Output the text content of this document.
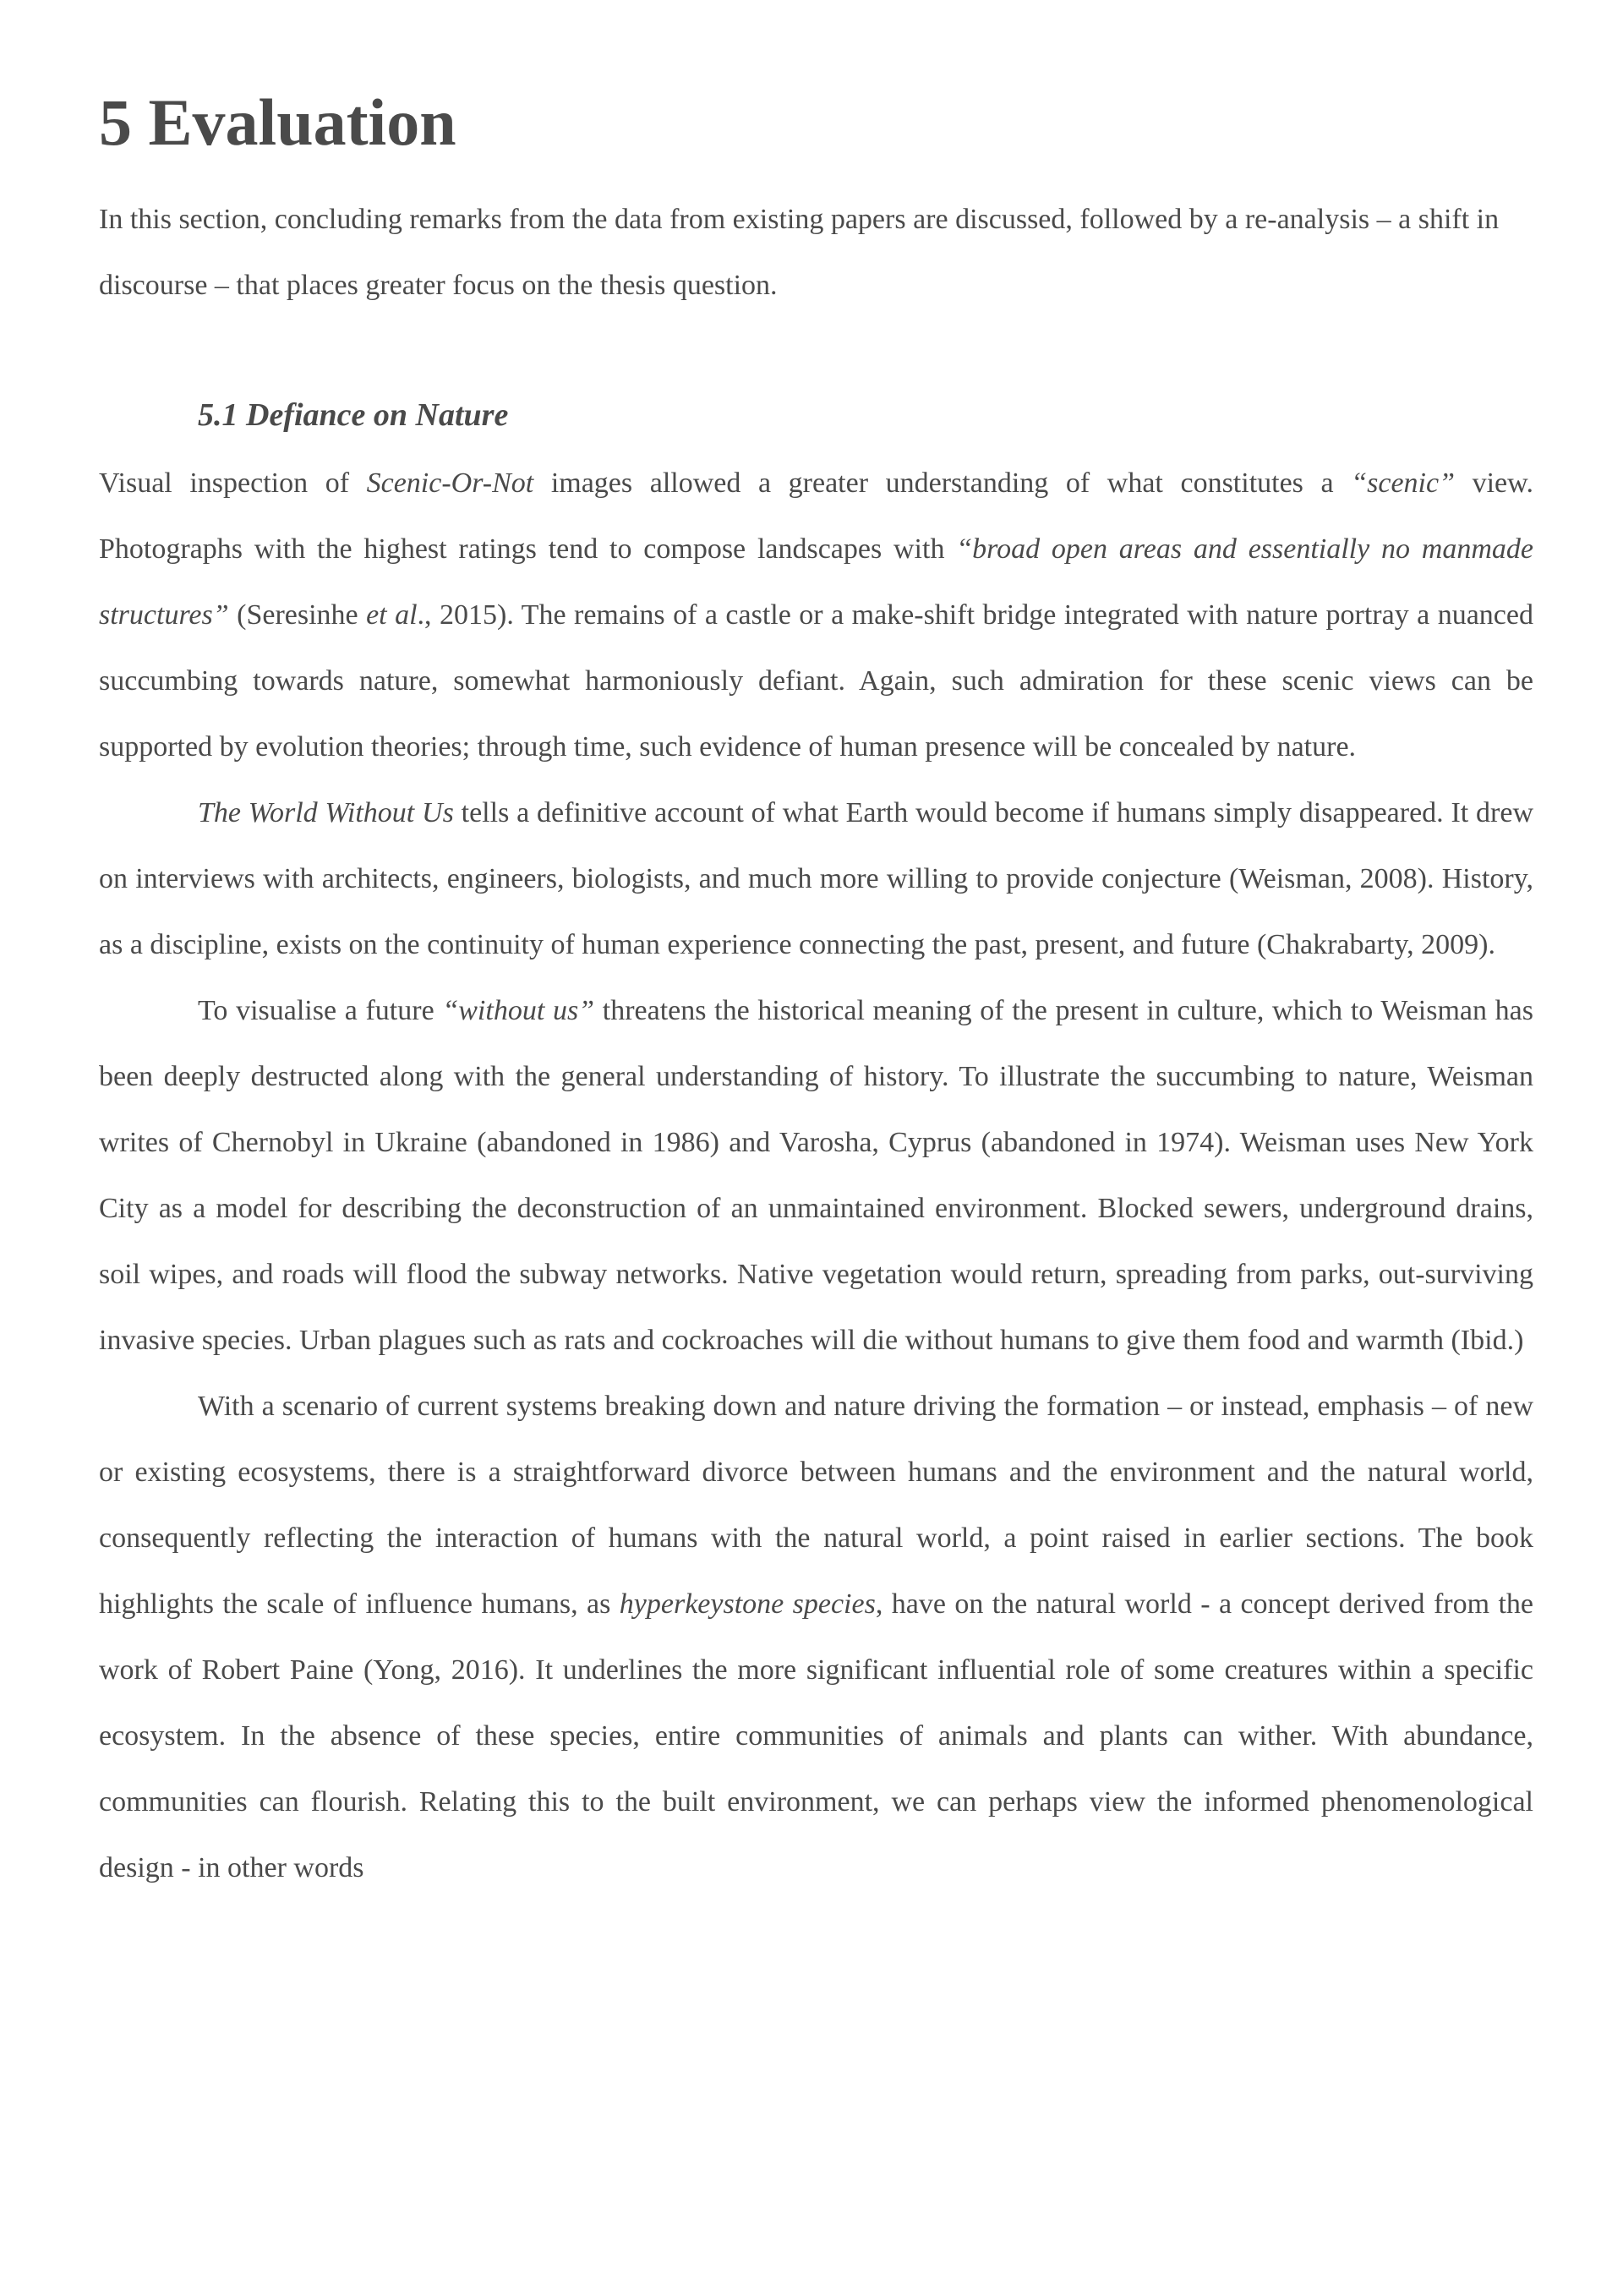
5 Evaluation

In this section, concluding remarks from the data from existing papers are discussed, followed by a re-analysis – a shift in discourse – that places greater focus on the thesis question.

5.1 Defiance on Nature

Visual inspection of Scenic-Or-Not images allowed a greater understanding of what constitutes a “scenic” view. Photographs with the highest ratings tend to compose landscapes with “broad open areas and essentially no manmade structures” (Seresinhe et al., 2015). The remains of a castle or a make-shift bridge integrated with nature portray a nuanced succumbing towards nature, somewhat harmoniously defiant. Again, such admiration for these scenic views can be supported by evolution theories; through time, such evidence of human presence will be concealed by nature.

The World Without Us tells a definitive account of what Earth would become if humans simply disappeared. It drew on interviews with architects, engineers, biologists, and much more willing to provide conjecture (Weisman, 2008). History, as a discipline, exists on the continuity of human experience connecting the past, present, and future (Chakrabarty, 2009).

To visualise a future “without us” threatens the historical meaning of the present in culture, which to Weisman has been deeply destructed along with the general understanding of history. To illustrate the succumbing to nature, Weisman writes of Chernobyl in Ukraine (abandoned in 1986) and Varosha, Cyprus (abandoned in 1974). Weisman uses New York City as a model for describing the deconstruction of an unmaintained environment. Blocked sewers, underground drains, soil wipes, and roads will flood the subway networks. Native vegetation would return, spreading from parks, out-surviving invasive species. Urban plagues such as rats and cockroaches will die without humans to give them food and warmth (Ibid.)

With a scenario of current systems breaking down and nature driving the formation – or instead, emphasis – of new or existing ecosystems, there is a straightforward divorce between humans and the environment and the natural world, consequently reflecting the interaction of humans with the natural world, a point raised in earlier sections. The book highlights the scale of influence humans, as hyperkeystone species, have on the natural world - a concept derived from the work of Robert Paine (Yong, 2016). It underlines the more significant influential role of some creatures within a specific ecosystem. In the absence of these species, entire communities of animals and plants can wither. With abundance, communities can flourish. Relating this to the built environment, we can perhaps view the informed phenomenological design - in other words
